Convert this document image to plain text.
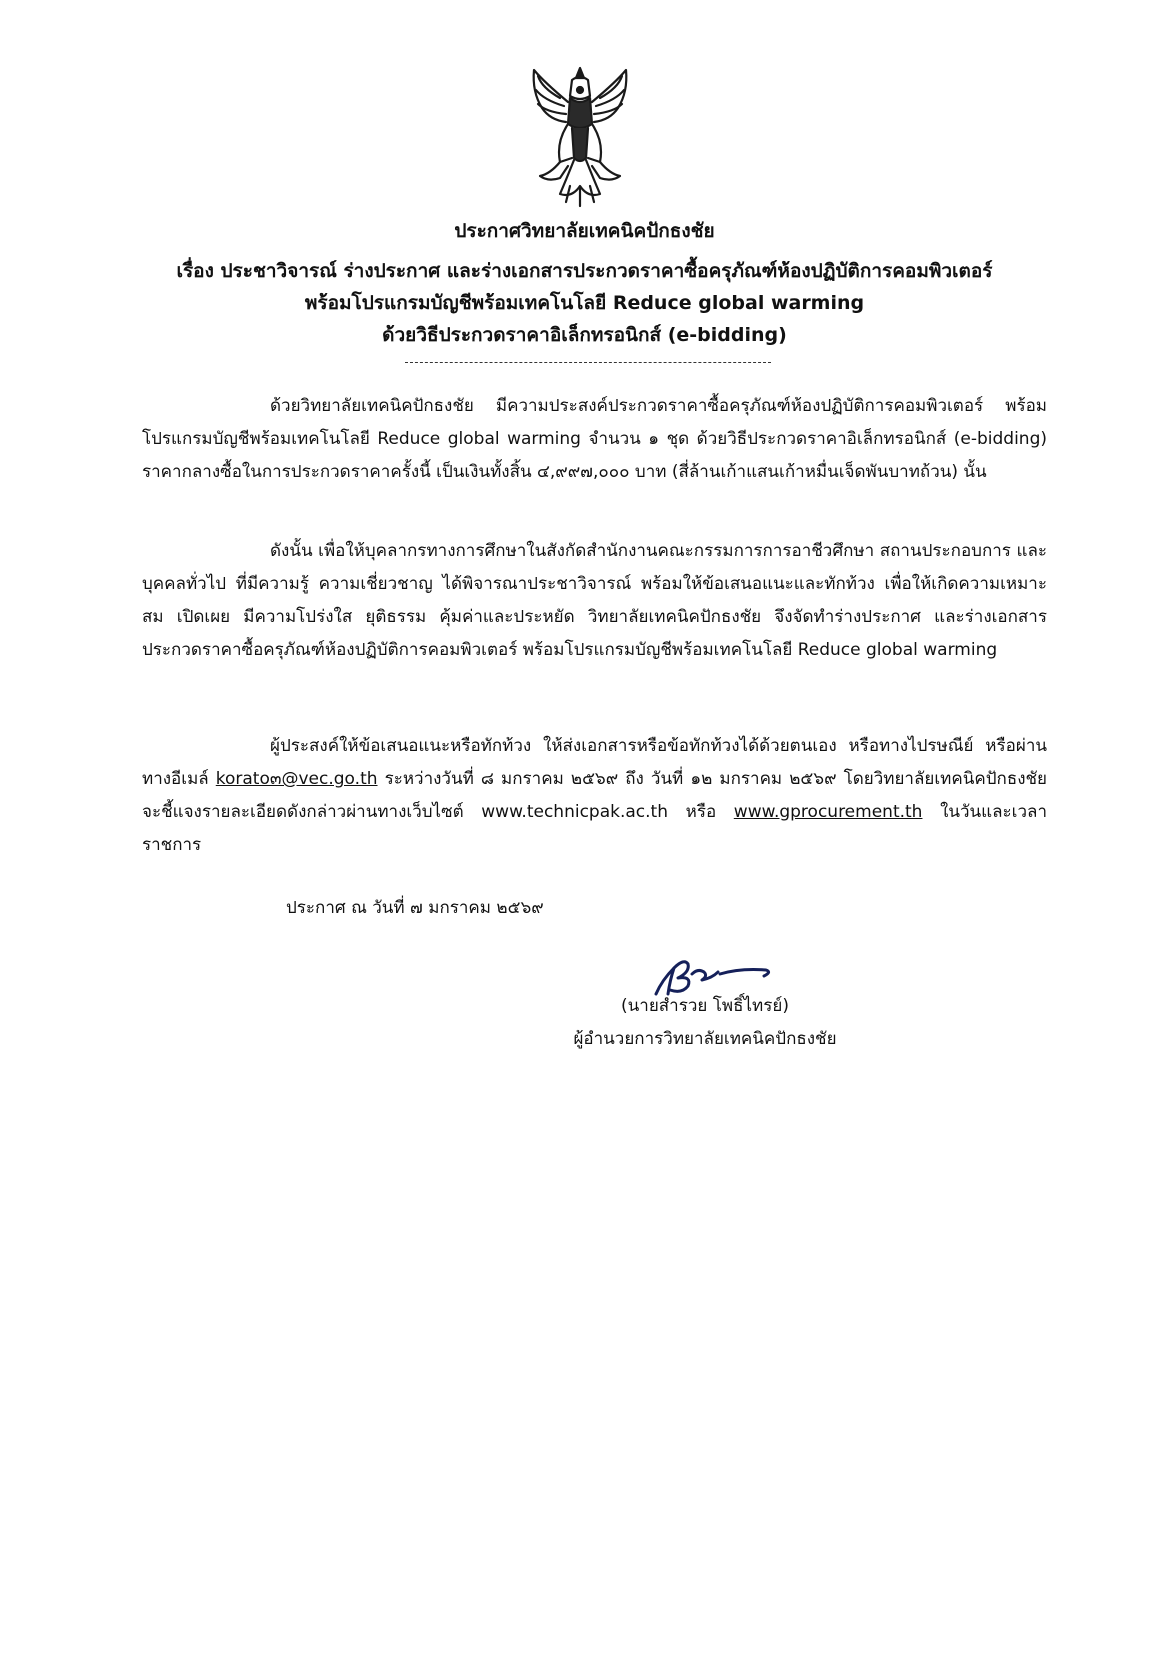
ประกาศวิทยาลัยเทคนิคปักธงชัย
เรื่อง ประชาวิจารณ์ ร่างประกาศ และร่างเอกสารประกวดราคาซื้อครุภัณฑ์ห้องปฏิบัติการคอมพิวเตอร์
พร้อมโปรแกรมบัญชีพร้อมเทคโนโลยี Reduce global warming
ด้วยวิธีประกวดราคาอิเล็กทรอนิกส์ (e-bidding)

ด้วยวิทยาลัยเทคนิคปักธงชัย มีความประสงค์ประกวดราคาซื้อครุภัณฑ์ห้องปฏิบัติการคอมพิวเตอร์ พร้อมโปรแกรมบัญชีพร้อมเทคโนโลยี Reduce global warming จำนวน ๑ ชุด ด้วยวิธีประกวดราคาอิเล็กทรอนิกส์ (e-bidding) ราคากลางซื้อในการประกวดราคาครั้งนี้ เป็นเงินทั้งสิ้น ๔,๙๙๗,๐๐๐ บาท (สี่ล้านเก้าแสนเก้าหมื่นเจ็ดพันบาทถ้วน) นั้น

ดังนั้น เพื่อให้บุคลากรทางการศึกษาในสังกัดสำนักงานคณะกรรมการการอาชีวศึกษา สถานประกอบการ และบุคคลทั่วไป ที่มีความรู้ ความเชี่ยวชาญ ได้พิจารณาประชาวิจารณ์ พร้อมให้ข้อเสนอแนะและทักท้วง เพื่อให้เกิดความเหมาะสม เปิดเผย มีความโปร่งใส ยุติธรรม คุ้มค่าและประหยัด วิทยาลัยเทคนิคปักธงชัย จึงจัดทำร่างประกาศ และร่างเอกสารประกวดราคาซื้อครุภัณฑ์ห้องปฏิบัติการคอมพิวเตอร์ พร้อมโปรแกรมบัญชีพร้อมเทคโนโลยี Reduce global warming

ผู้ประสงค์ให้ข้อเสนอแนะหรือทักท้วง ให้ส่งเอกสารหรือข้อทักท้วงได้ด้วยตนเอง หรือทางไปรษณีย์ หรือผ่านทางอีเมล์ korato๓@vec.go.th ระหว่างวันที่ ๘ มกราคม ๒๕๖๙ ถึง วันที่ ๑๒ มกราคม ๒๕๖๙ โดยวิทยาลัยเทคนิคปักธงชัยจะชี้แจงรายละเอียดดังกล่าวผ่านทางเว็บไซต์ www.technicpak.ac.th หรือ www.gprocurement.th ในวันและเวลาราชการ

ประกาศ ณ วันที่ ๗ มกราคม ๒๕๖๙
(นายสำรวย โพธิ์ไทรย์)
ผู้อำนวยการวิทยาลัยเทคนิคปักธงชัย
